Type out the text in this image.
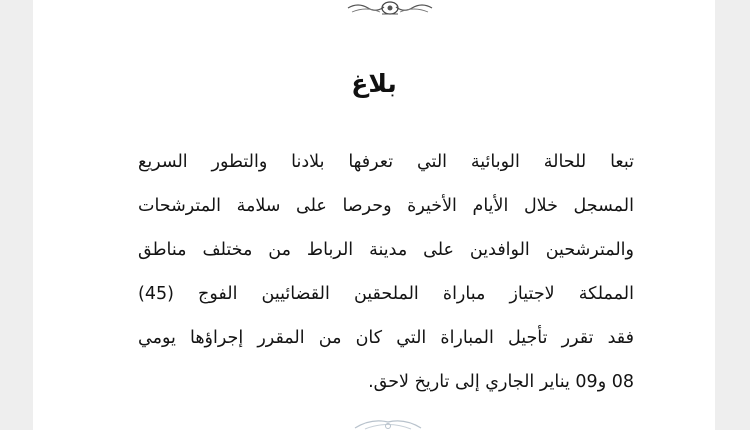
بلاغ
تبعا للحالة الوبائية التي تعرفها بلادنا والتطور السريع
المسجل خلال الأيام الأخيرة وحرصا على سلامة المترشحات
والمترشحين الوافدين على مدينة الرباط من مختلف مناطق
المملكة لاجتياز مباراة الملحقين القضائيين الفوج (45)
فقد تقرر تأجيل المباراة التي كان من المقرر إجراؤها يومي
08 و09 يناير الجاري إلى تاريخ لاحق.
